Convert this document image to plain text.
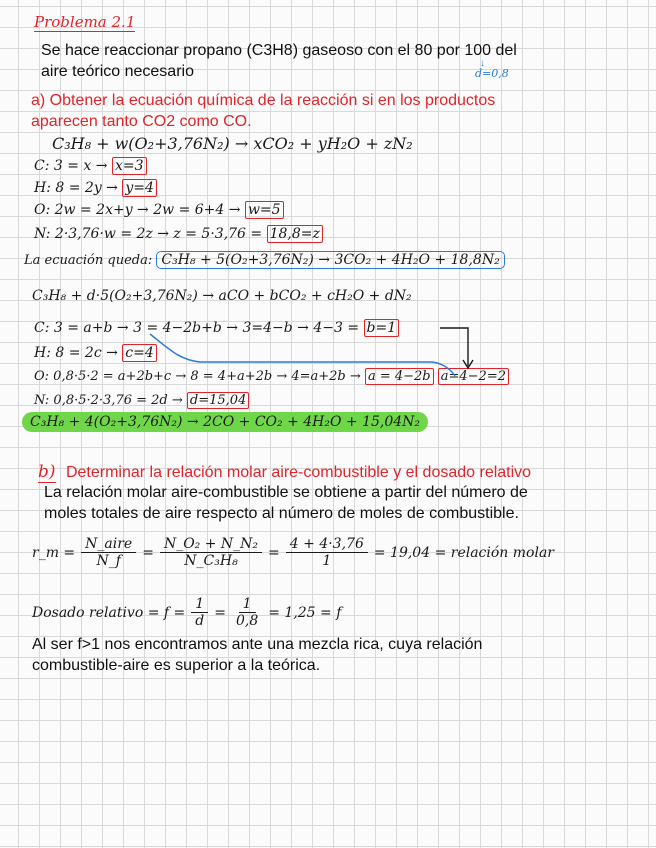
Problema 2.1
Se hace reaccionar propano (C3H8) gaseoso con el 80 por 100 del
aire teórico necesario	d=0,8
↓
a) Obtener la ecuación química de la reacción si en los productos
aparecen tanto CO2 como CO.
C₃H₈ + w(O₂+3,76N₂) → xCO₂ + yH₂O + zN₂
C: 3 = x → x=3
H: 8 = 2y → y=4
O: 2w = 2x+y → 2w = 6+4 → w=5
N: 2·3,76·w = 2z → z = 5·3,76 = 18,8=z
La ecuación queda: C₃H₈ + 5(O₂+3,76N₂) → 3CO₂ + 4H₂O + 18,8N₂
C₃H₈ + d·5(O₂+3,76N₂) → aCO + bCO₂ + cH₂O + dN₂
C: 3 = a+b → 3 = 4−2b+b → 3=4−b → 4−3 = b=1
H: 8 = 2c → c=4
O: 0,8·5·2 = a+2b+c → 8 = 4+a+2b → 4=a+2b → a = 4−2b a=4−2=2
N: 0,8·5·2·3,76 = 2d → d=15,04
C₃H₈ + 4(O₂+3,76N₂) → 2CO + CO₂ + 4H₂O + 15,04N₂
b) Determinar la relación molar aire-combustible y el dosado relativo
La relación molar aire-combustible se obtiene a partir del número de
moles totales de aire respecto al número de moles de combustible.
r_m = $\frac{\text{N\_aire}}{N\_f} = \frac{\text{N\_O₂ + N\_N₂}}{\text{N\_C₃H₈}} = \frac{4 + 4\cdot 3,76}{1} = 19,04$ = relación molar
Dosado relativo = $f = \frac{1}{d} = \frac{1}{0,8} = 1,25 = f$
Al ser f>1 nos encontramos ante una mezcla rica, cuya relación
combustible-aire es superior a la teórica.
